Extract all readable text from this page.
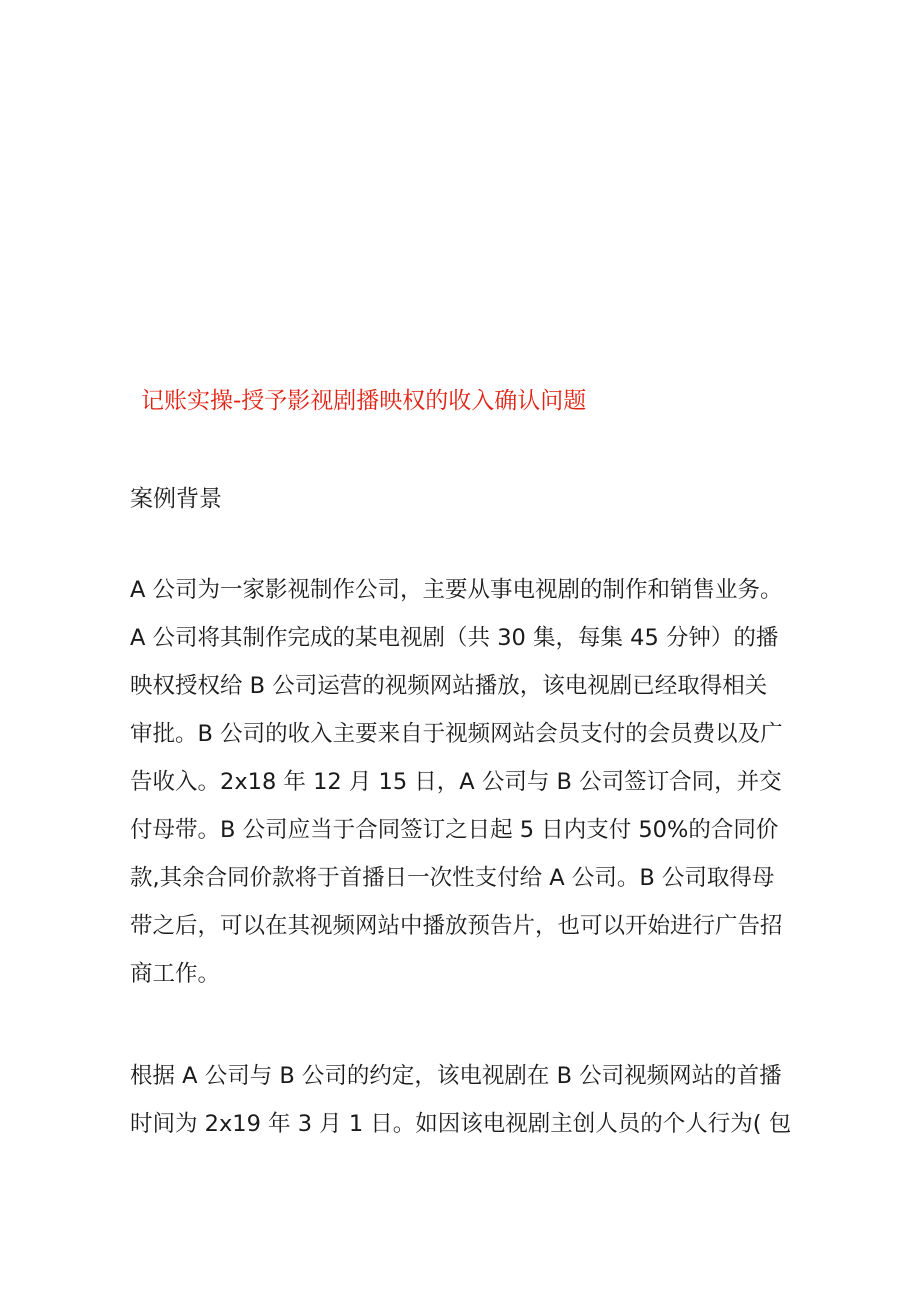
记账实操-授予影视剧播映权的收入确认问题
案例背景

A 公司为一家影视制作公司，主要从事电视剧的制作和销售业务。
A 公司将其制作完成的某电视剧（共 30 集，每集 45 分钟）的播
映权授权给 B 公司运营的视频网站播放，该电视剧已经取得相关
审批。B 公司的收入主要来自于视频网站会员支付的会员费以及广
告收入。2x18 年 12 月 15 日，A 公司与 B 公司签订合同，并交
付母带。B 公司应当于合同签订之日起 5 日内支付 50%的合同价
款,其余合同价款将于首播日一次性支付给 A 公司。B 公司取得母
带之后，可以在其视频网站中播放预告片，也可以开始进行广告招
商工作。

根据 A 公司与 B 公司的约定，该电视剧在 B 公司视频网站的首播
时间为 2x19 年 3 月 1 日。如因该电视剧主创人员的个人行为( 包
